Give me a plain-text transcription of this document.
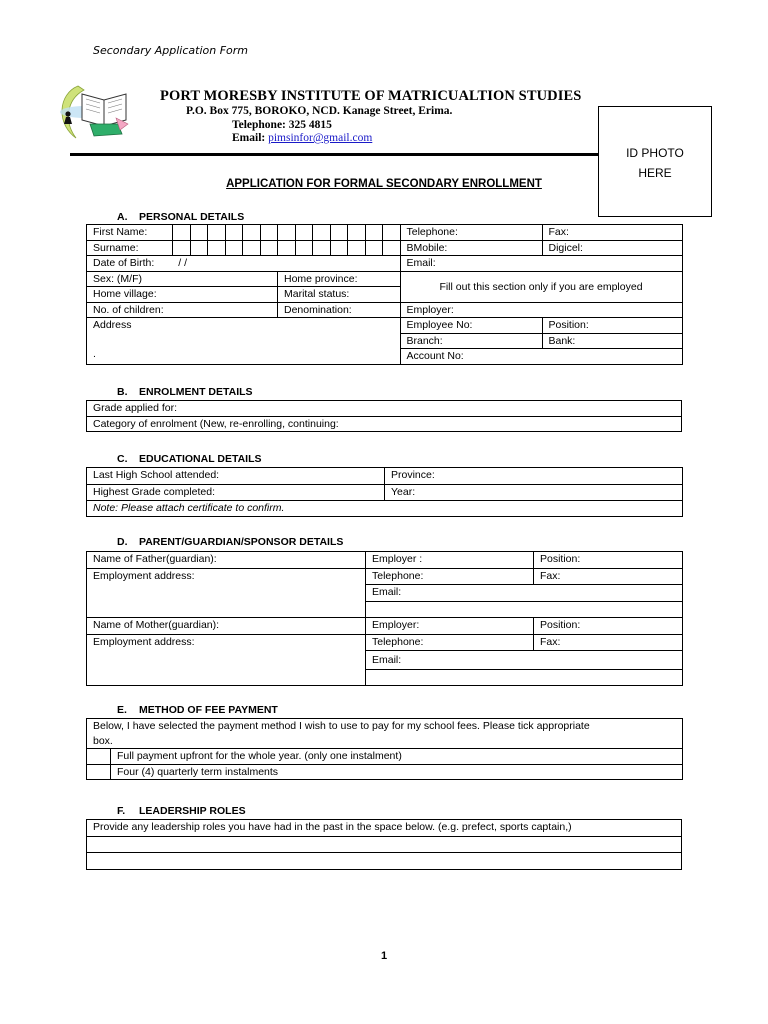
Secondary Application Form
PORT MORESBY INSTITUTE OF MATRICUALTION STUDIES
P.O. Box 775, BOROKO, NCD. Kanage Street, Erima.
Telephone: 325 4815
Email: pimsinfor@gmail.com
ID PHOTO
HERE
APPLICATION FOR FORMAL SECONDARY ENROLLMENT
A. PERSONAL DETAILS
First Name:														Telephone:	Fax:
Surname:														BMobile:	Digicel:
Date of Birth: / /														Email:	
Sex: (M/F)							Home province:							Fill out this section only if you are employed	
Home village:							Marital status:								
No. of children:							Denomination:							Employer:	

Address
.														Employee No:	Position:
														Branch:	Bank:
														Account No:	
B. ENROLMENT DETAILS
Grade applied for:
Category of enrolment (New, re-enrolling, continuing:
C. EDUCATIONAL DETAILS
Last High School attended:	Province:
Highest Grade completed:	Year:
Note: Please attach certificate to confirm.	
D. PARENT/GUARDIAN/SPONSOR DETAILS
Name of Father(guardian):	Employer :	Position:
Employment address:	Telephone:	Fax:
	Email:	

Name of Mother(guardian):	Employer:	Position:
Employment address:	Telephone:	Fax:
	Email:	

E. METHOD OF FEE PAYMENT
Below, I have selected the payment method I wish to use to pay for my school fees. Please tick appropriate
box.	

	Full payment upfront for the whole year. (only one instalment)
	Four (4) quarterly term instalments
F. LEADERSHIP ROLES
Provide any leadership roles you have had in the past in the space below. (e.g. prefect, sports captain,)

1
